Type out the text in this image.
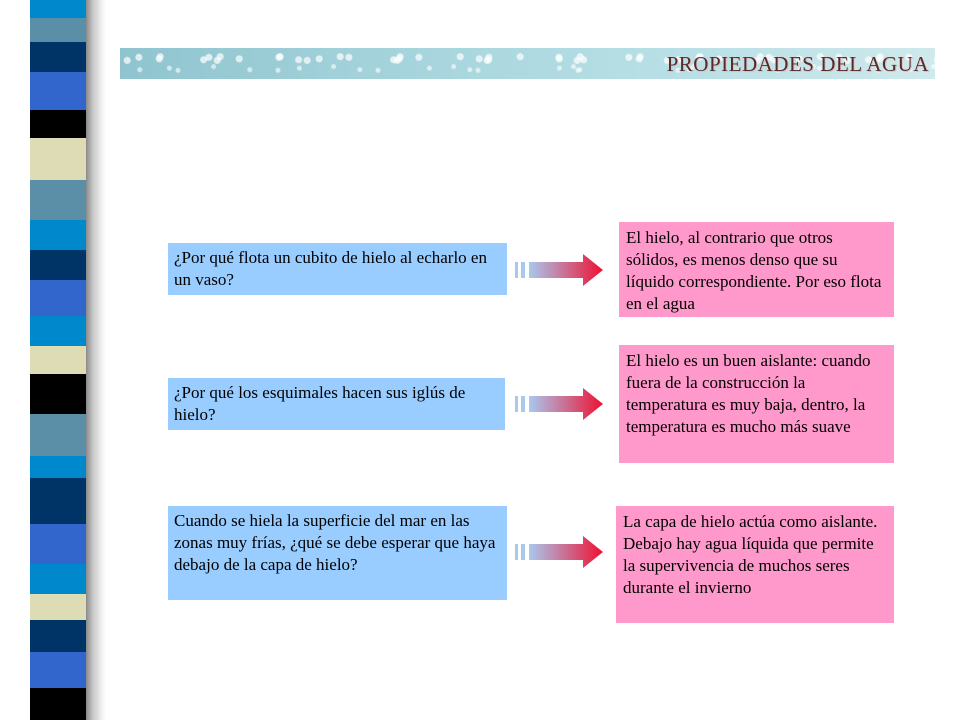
PROPIEDADES DEL AGUA
¿Por qué flota un cubito de hielo al echarlo en un vaso?
El hielo, al contrario que otros sólidos, es menos denso que su líquido correspondiente. Por eso flota en el agua
¿Por qué los esquimales hacen sus iglús de hielo?
El hielo es un buen aislante: cuando fuera de la construcción la temperatura es muy baja, dentro, la temperatura es mucho más suave
Cuando se hiela la superficie del mar en las zonas muy frías, ¿qué se debe esperar que haya debajo de la capa de hielo?
La capa de hielo actúa como aislante. Debajo hay agua líquida que permite la supervivencia de muchos seres durante el invierno
